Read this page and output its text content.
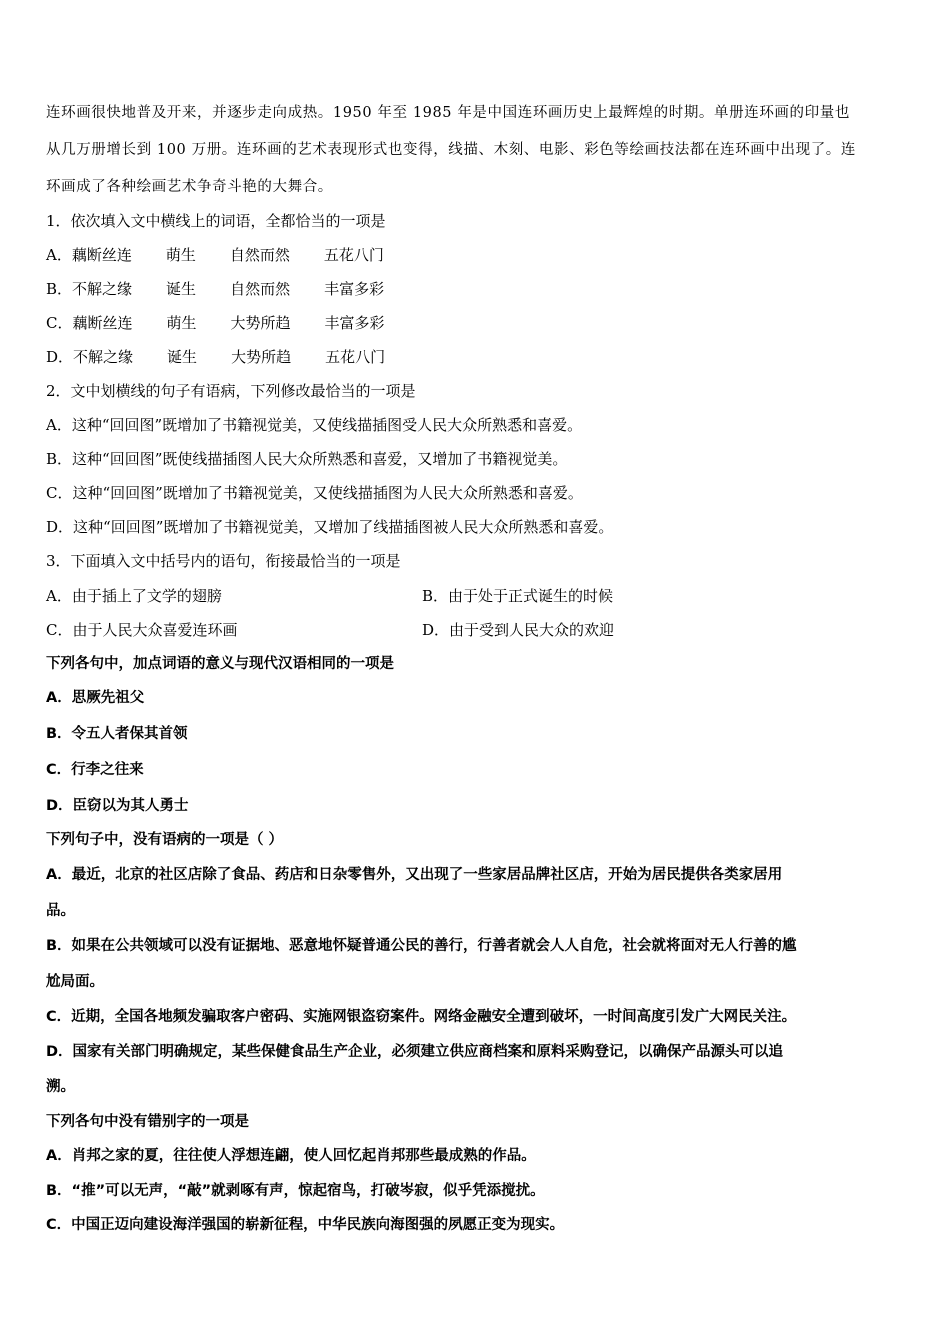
连环画很快地普及开来，并逐步走向成热。1950 年至 1985 年是中国连环画历史上最辉煌的时期。单册连环画的印量也
从几万册增长到 100 万册。连环画的艺术表现形式也变得，线描、木刻、电影、彩色等绘画技法都在连环画中出现了。连
环画成了各种绘画艺术争奇斗艳的大舞合。
1．依次填入文中横线上的词语，全都恰当的一项是
A．藕断丝连 萌生 自然而然 五花八门
B．不解之缘 诞生 自然而然 丰富多彩
C．藕断丝连 萌生 大势所趋 丰富多彩
D．不解之缘 诞生 大势所趋 五花八门
2．文中划横线的句子有语病，下列修改最恰当的一项是
A．这种“回回图”既增加了书籍视觉美，又使线描插图受人民大众所熟悉和喜爱。
B．这种“回回图”既使线描插图人民大众所熟悉和喜爱，又增加了书籍视觉美。
C．这种“回回图”既增加了书籍视觉美，又使线描插图为人民大众所熟悉和喜爱。
D．这种“回回图”既增加了书籍视觉美，又增加了线描插图被人民大众所熟悉和喜爱。
3．下面填入文中括号内的语句，衔接最恰当的一项是
A．由于插上了文学的翅膀	B．由于处于正式诞生的时候
C．由于人民大众喜爱连环画	D．由于受到人民大众的欢迎
下列各句中，加点词语的意义与现代汉语相同的一项是
A．思厥先祖父
B．令五人者保其首领
C．行李之往来
D．臣窃以为其人勇士
下列句子中，没有语病的一项是（ ）
A．最近，北京的社区店除了食品、药店和日杂零售外，又出现了一些家居品牌社区店，开始为居民提供各类家居用
品。
B．如果在公共领域可以没有证据地、恶意地怀疑普通公民的善行，行善者就会人人自危，社会就将面对无人行善的尴
尬局面。
C．近期，全国各地频发骗取客户密码、实施网银盗窃案件。网络金融安全遭到破坏，一时间高度引发广大网民关注。
D．国家有关部门明确规定，某些保健食品生产企业，必须建立供应商档案和原料采购登记，以确保产品源头可以追
溯。
下列各句中没有错别字的一项是
A．肖邦之家的夏，往往使人浮想连翩，使人回忆起肖邦那些最成熟的作品。
B．“推”可以无声，“敲”就剥啄有声，惊起宿鸟，打破岑寂，似乎凭添搅扰。
C．中国正迈向建设海洋强国的崭新征程，中华民族向海图强的夙愿正变为现实。
